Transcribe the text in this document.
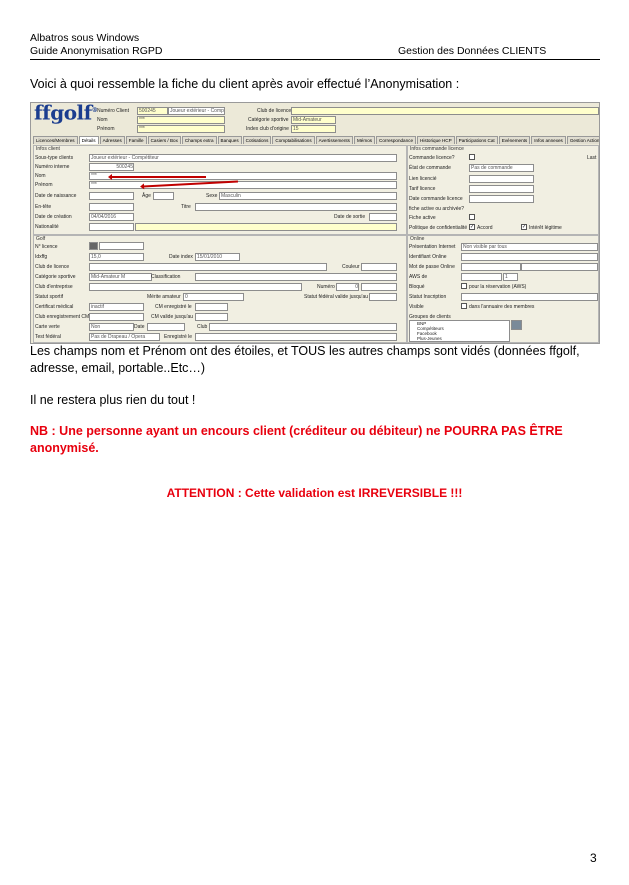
Albatros sous Windows
Guide Anonymisation RGPD	Gestion des Données CLIENTS
Voici à quoi ressemble la fiche du client après avoir effectué l’Anonymisation :
ffgolf® Numéro Client	500245	Joueur extérieur - Comp	Club de licence
Nom	***	Catégorie sportive Mid-Amateur
Prénom	***	Index club d'origine 15
Licences/Membres	Détails	Adresses	Famille	Casiers / Box	Champs extra	Banques	Cotisations	Comptabilisations	Avertissements	Mémos	Correspondance	Historique HCP	Participations Cat	Evénements	Infos annexes	Gestion Action
Infos client
Sous-type clients	Joueur extérieur - Compétiteur
Numéro interne	500245
Nom	***
Prénom	***
Date de naissance	Âge	Sexe Masculin
En-tête	Titre
Date de création	04/04/2016	Date de sortie
Nationalité
Golf
N° licence
Idxffg	15,0	Date index 15/01/2010
Club de licence	Couleur
Catégorie sportive	Mid-Amateur M	Classification
Club d'entreprise	Numéro	0
Statut sportif	Mérite amateur 0	Statut fédéral valide jusqu'au
Certificat médical	inactif	CM enregistré le
Club enregistrement CM	CM valide jusqu'au
Carte verte	Non	Date	Club
Test fédéral	Pas de Drapeau / Opera	Enregistré le
Infos commande licence
Commande licence?	Last
État de commande	Pas de commande
Lien licencié
Tarif licence
Date commande licence
fiche active ou archivée?
Fiche active
Politique de confidentialité ✓ Accord	✓ Intérêt légitime
Online
Présentation Internet	Non visible par tous
Identifiant Online
Mot de passe Online
AWS de	1
Bloqué	pour la réservation (AWS)
Statut Inscription
Visible	dans l'annuaire des membres
Groupes de clients
BNP
Compétiteurs
Facebook
Plus-Jeunes
Les champs nom et Prénom ont des étoiles, et TOUS les autres champs sont vidés (données ffgolf, adresse, email, portable..Etc…)
Il ne restera plus rien du tout !
NB : Une personne ayant un encours client (créditeur ou débiteur) ne POURRA PAS ÊTRE anonymisé.
ATTENTION : Cette validation est IRREVERSIBLE !!!
3
